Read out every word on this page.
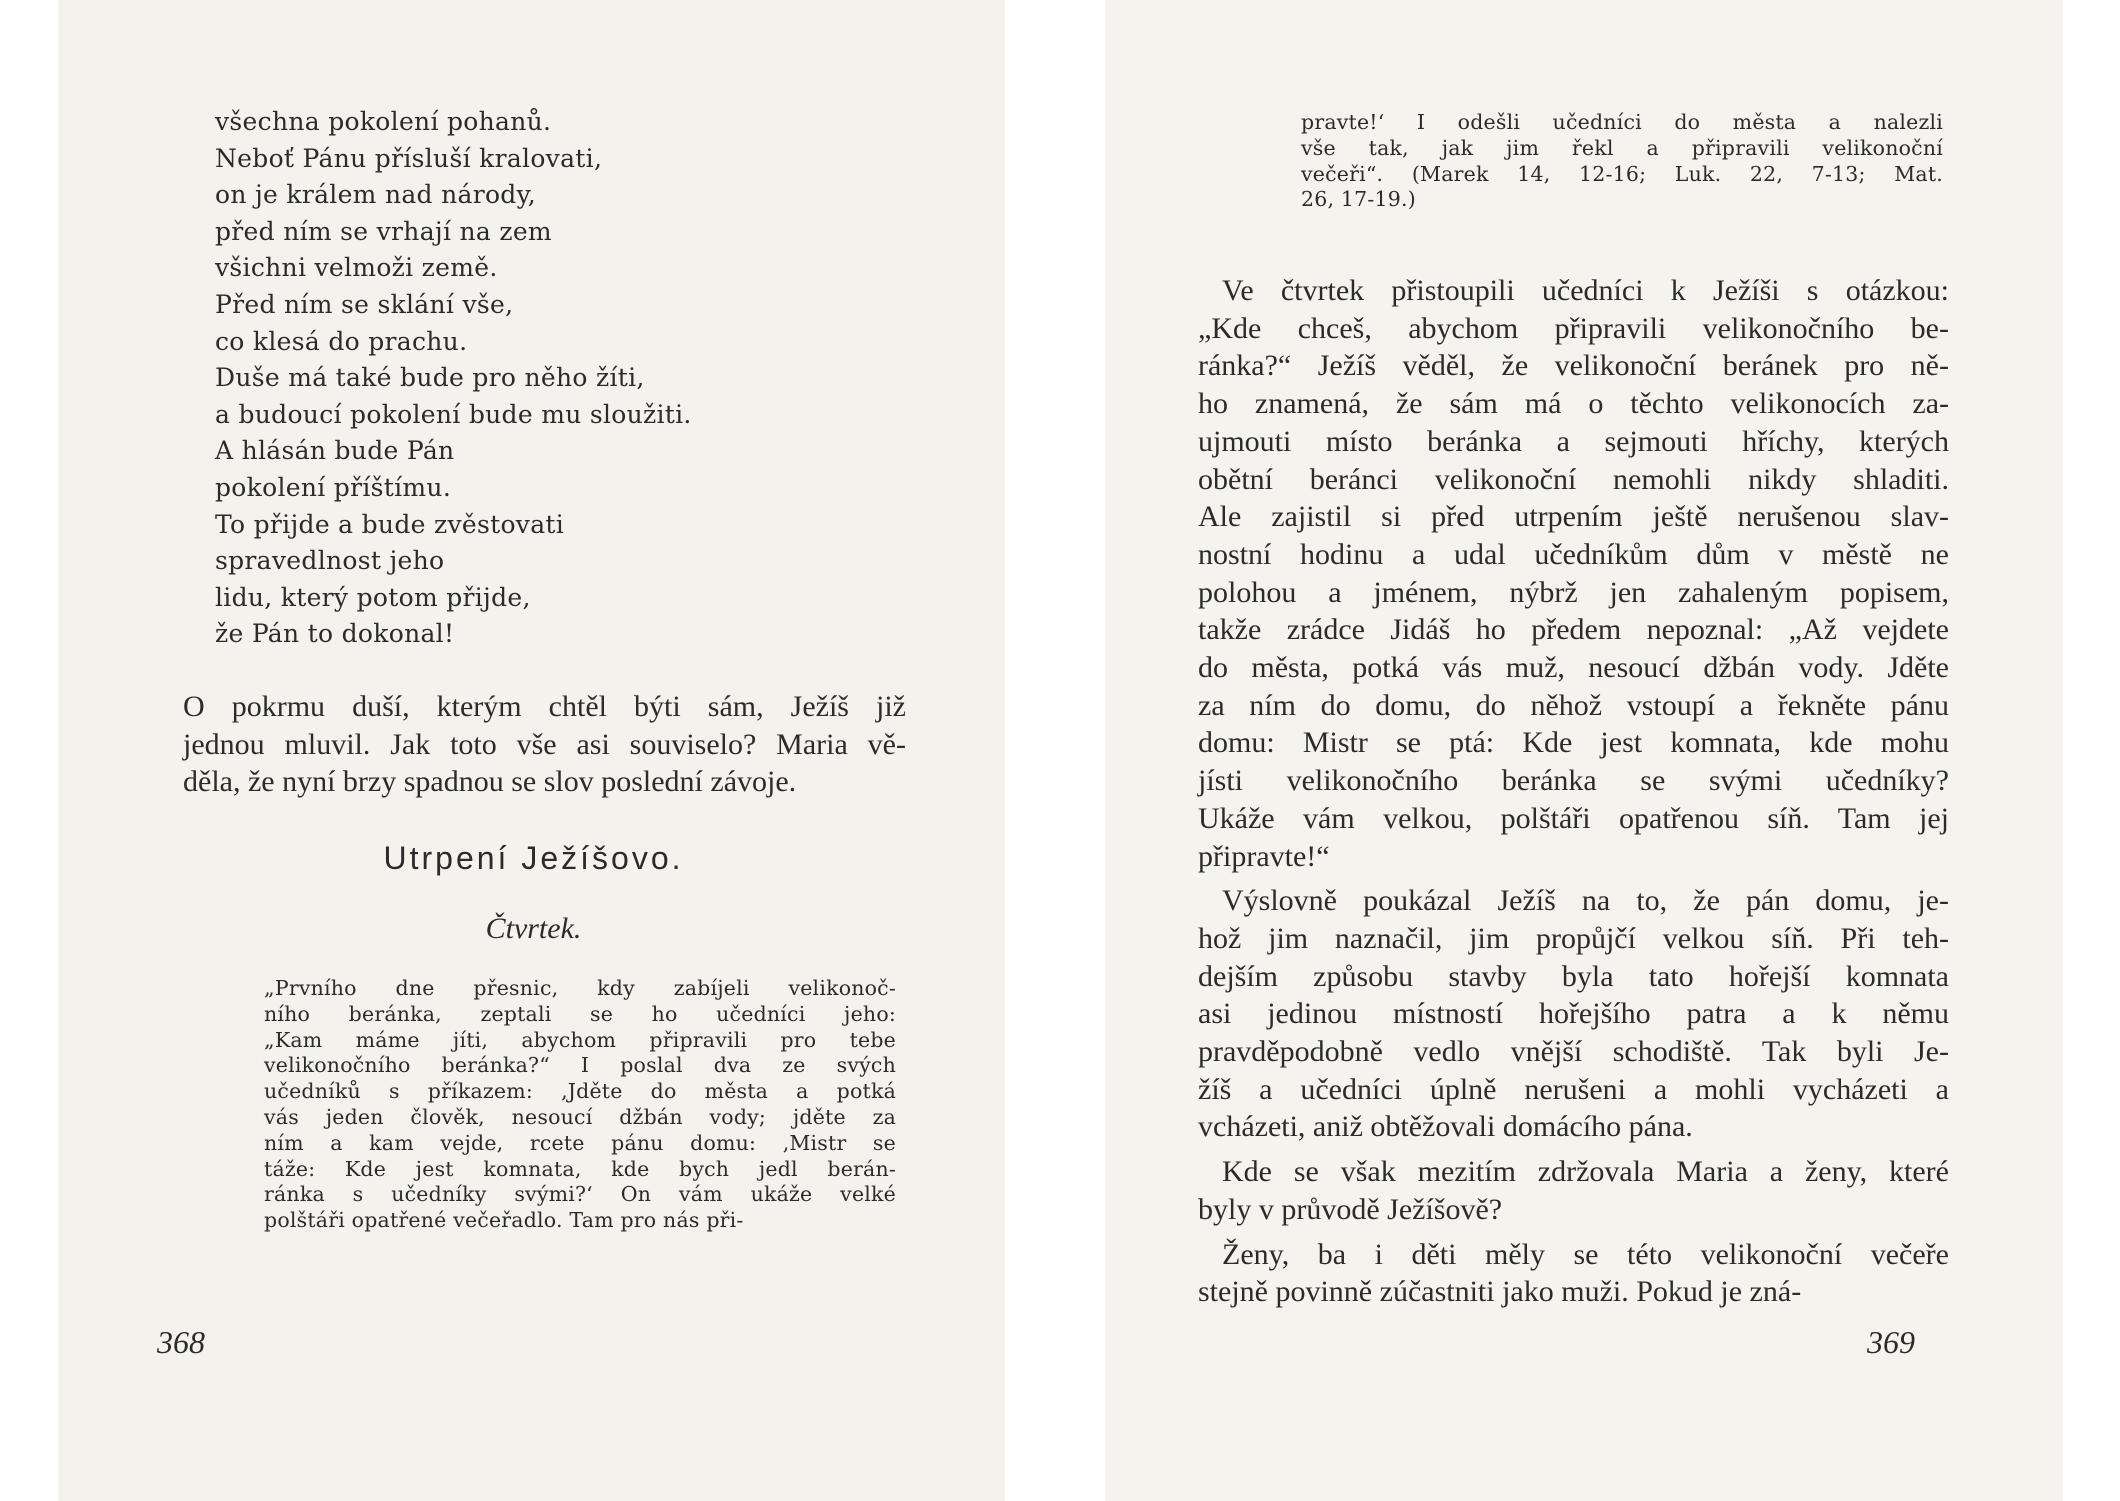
všechna pokolení pohanů.
Neboť Pánu přísluší kralovati,
on je králem nad národy,
před ním se vrhají na zem
všichni velmoži země.
Před ním se sklání vše,
co klesá do prachu.
Duše má také bude pro něho žíti,
a budoucí pokolení bude mu sloužiti.
A hlásán bude Pán
pokolení příštímu.
To přijde a bude zvěstovati
spravedlnost jeho
lidu, který potom přijde,
že Pán to dokonal!
O pokrmu duší, kterým chtěl býti sám, Ježíš již
jednou mluvil. Jak toto vše asi souviselo? Maria vě-
děla, že nyní brzy spadnou se slov poslední závoje.
Utrpení Ježíšovo.
Čtvrtek.
„Prvního dne přesnic, kdy zabíjeli velikonoč-
ního beránka, zeptali se ho učedníci jeho:
„Kam máme jíti, abychom připravili pro tebe
velikonočního beránka?“ I poslal dva ze svých
učedníků s příkazem: ‚Jděte do města a potká
vás jeden člověk, nesoucí džbán vody; jděte za
ním a kam vejde, rcete pánu domu: ‚Mistr se
táže: Kde jest komnata, kde bych jedl berán-
ránka s učedníky svými?‘ On vám ukáže velké
polštáři opatřené večeřadlo. Tam pro nás při-
368
pravte!‘ I odešli učedníci do města a nalezli
vše tak, jak jim řekl a připravili velikonoční
večeři“. (Marek 14, 12-16; Luk. 22, 7-13; Mat.
26, 17-19.)
Ve čtvrtek přistoupili učedníci k Ježíši s otázkou:
„Kde chceš, abychom připravili velikonočního be-
ránka?“ Ježíš věděl, že velikonoční beránek pro ně-
ho znamená, že sám má o těchto velikonocích za-
ujmouti místo beránka a sejmouti hříchy, kterých
obětní beránci velikonoční nemohli nikdy shladiti.
Ale zajistil si před utrpením ještě nerušenou slav-
nostní hodinu a udal učedníkům dům v městě ne
polohou a jménem, nýbrž jen zahaleným popisem,
takže zrádce Jidáš ho předem nepoznal: „Až vejdete
do města, potká vás muž, nesoucí džbán vody. Jděte
za ním do domu, do něhož vstoupí a řekněte pánu
domu: Mistr se ptá: Kde jest komnata, kde mohu
jísti velikonočního beránka se svými učedníky?
Ukáže vám velkou, polštáři opatřenou síň. Tam jej
připravte!“
Výslovně poukázal Ježíš na to, že pán domu, je-
hož jim naznačil, jim propůjčí velkou síň. Při teh-
dejším způsobu stavby byla tato hořejší komnata
asi jedinou místností hořejšího patra a k němu
pravděpodobně vedlo vnější schodiště. Tak byli Je-
žíš a učedníci úplně nerušeni a mohli vycházeti a
vcházeti, aniž obtěžovali domácího pána.
Kde se však mezitím zdržovala Maria a ženy, které
byly v průvodě Ježíšově?
Ženy, ba i děti měly se této velikonoční večeře
stejně povinně zúčastniti jako muži. Pokud je zná-
369
